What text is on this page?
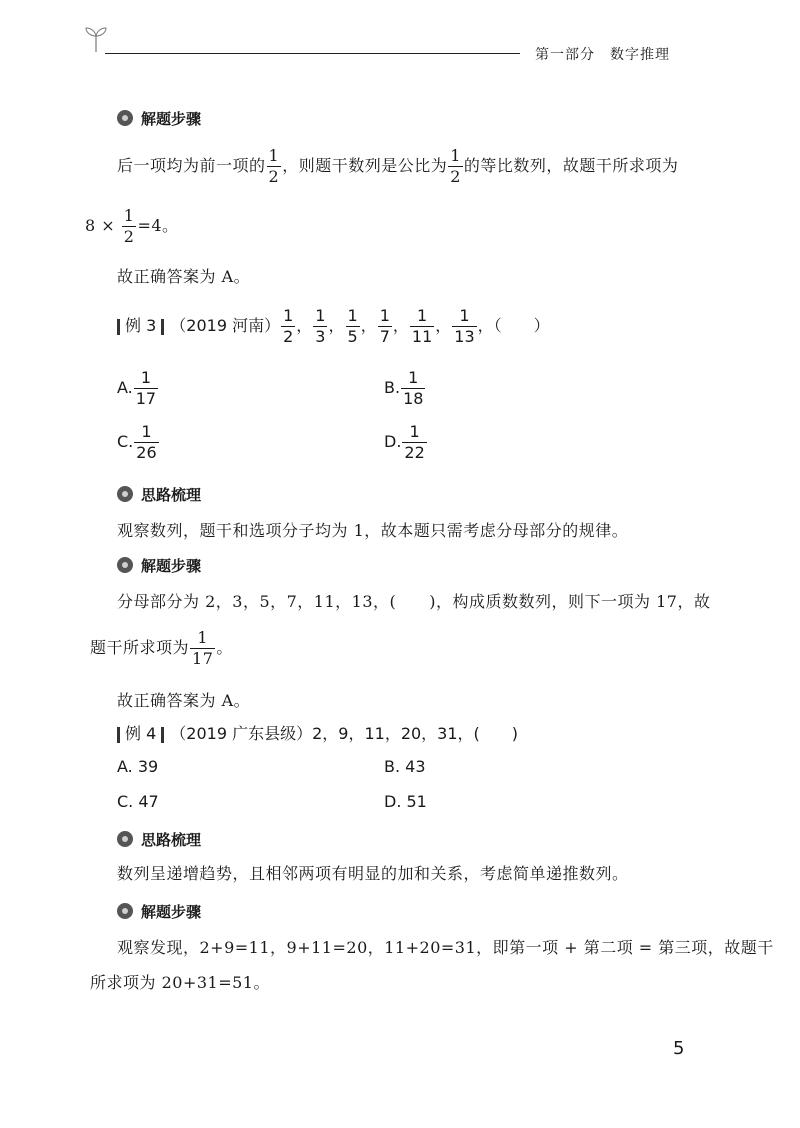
第一部分　数字推理
解题步骤
后一项均为前一项的 $\frac{1}{2}$ ，则题干数列是公比为 $\frac{1}{2}$ 的等比数列，故题干所求项为
$8 \times \frac{1}{2} =4$。
故正确答案为 A。
例 3 （2019 河南） $\frac{1}{2}$ ， $\frac{1}{3}$ ， $\frac{1}{5}$ ， $\frac{1}{7}$ ， $\frac{1}{11}$ ， $\frac{1}{13}$ ，（　　）
A. $\frac{1}{17}$	B. $\frac{1}{18}$
C. $\frac{1}{26}$	D. $\frac{1}{22}$
思路梳理
观察数列，题干和选项分子均为 1，故本题只需考虑分母部分的规律。
解题步骤
分母部分为 2，3，5，7，11，13，(　　)，构成质数数列，则下一项为 17，故
题干所求项为 $\frac{1}{17}$ 。
故正确答案为 A。
例 4 （2019 广东县级）2，9，11，20，31，(　　)
A. 39	B. 43
C. 47	D. 51
思路梳理
数列呈递增趋势，且相邻两项有明显的加和关系，考虑简单递推数列。
解题步骤
观察发现，2+9=11，9+11=20，11+20=31，即第一项 + 第二项 = 第三项，故题干
所求项为 20+31=51。
5
